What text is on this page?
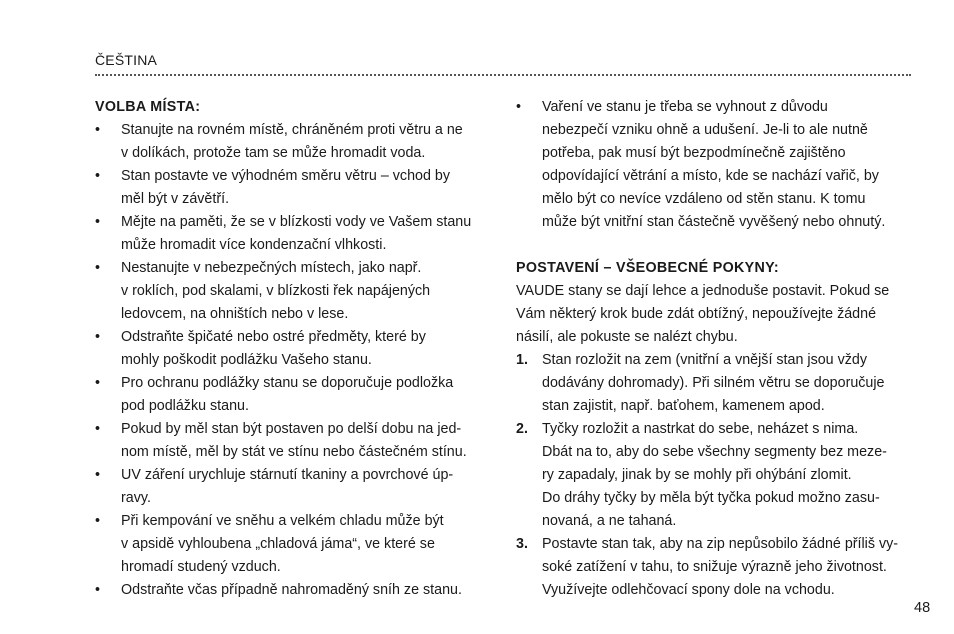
ČEŠTINA
VOLBA MÍSTA:
• Stanujte na rovném místě, chráněném proti větru a ne
v dolíkách, protože tam se může hromadit voda.
• Stan postavte ve výhodném směru větru – vchod by
měl být v závětří.
• Mějte na paměti, že se v blízkosti vody ve Vašem stanu
může hromadit více kondenzační vlhkosti.
• Nestanujte v nebezpečných místech, jako např.
v roklích, pod skalami, v blízkosti řek napájených
ledovcem, na ohništích nebo v lese.
• Odstraňte špičaté nebo ostré předměty, které by
mohly poškodit podlážku Vašeho stanu.
• Pro ochranu podlážky stanu se doporučuje podložka
pod podlážku stanu.
• Pokud by měl stan být postaven po delší dobu na jed-
nom místě, měl by stát ve stínu nebo částečném stínu.
• UV záření urychluje stárnutí tkaniny a povrchové úp-
ravy.
• Při kempování ve sněhu a velkém chladu může být
v apsidě vyhloubena „chladová jáma“, ve které se
hromadí studený vzduch.
• Odstraňte včas případně nahromaděný sníh ze stanu.
• Vaření ve stanu je třeba se vyhnout z důvodu
nebezpečí vzniku ohně a udušení. Je-li to ale nutně
potřeba, pak musí být bezpodmínečně zajištěno
odpovídající větrání a místo, kde se nachází vařič, by
mělo být co nevíce vzdáleno od stěn stanu. K tomu
může být vnitřní stan částečně vyvěšený nebo ohnutý.
POSTAVENÍ – VŠEOBECNÉ POKYNY:
VAUDE stany se dají lehce a jednoduše postavit. Pokud se
Vám některý krok bude zdát obtížný, nepoužívejte žádné
násilí, ale pokuste se nalézt chybu.
1. Stan rozložit na zem (vnitřní a vnější stan jsou vždy
dodávány dohromady). Při silném větru se doporučuje
stan zajistit, např. baťohem, kamenem apod.
2. Tyčky rozložit a nastrkat do sebe, neházet s nima.
Dbát na to, aby do sebe všechny segmenty bez meze-
ry zapadaly, jinak by se mohly při ohýbání zlomit.
Do dráhy tyčky by měla být tyčka pokud možno zasu-
novaná, a ne tahaná.
3. Postavte stan tak, aby na zip nepůsobilo žádné příliš vy-
soké zatížení v tahu, to snižuje výrazně jeho životnost.
Využívejte odlehčovací spony dole na vchodu.
48
